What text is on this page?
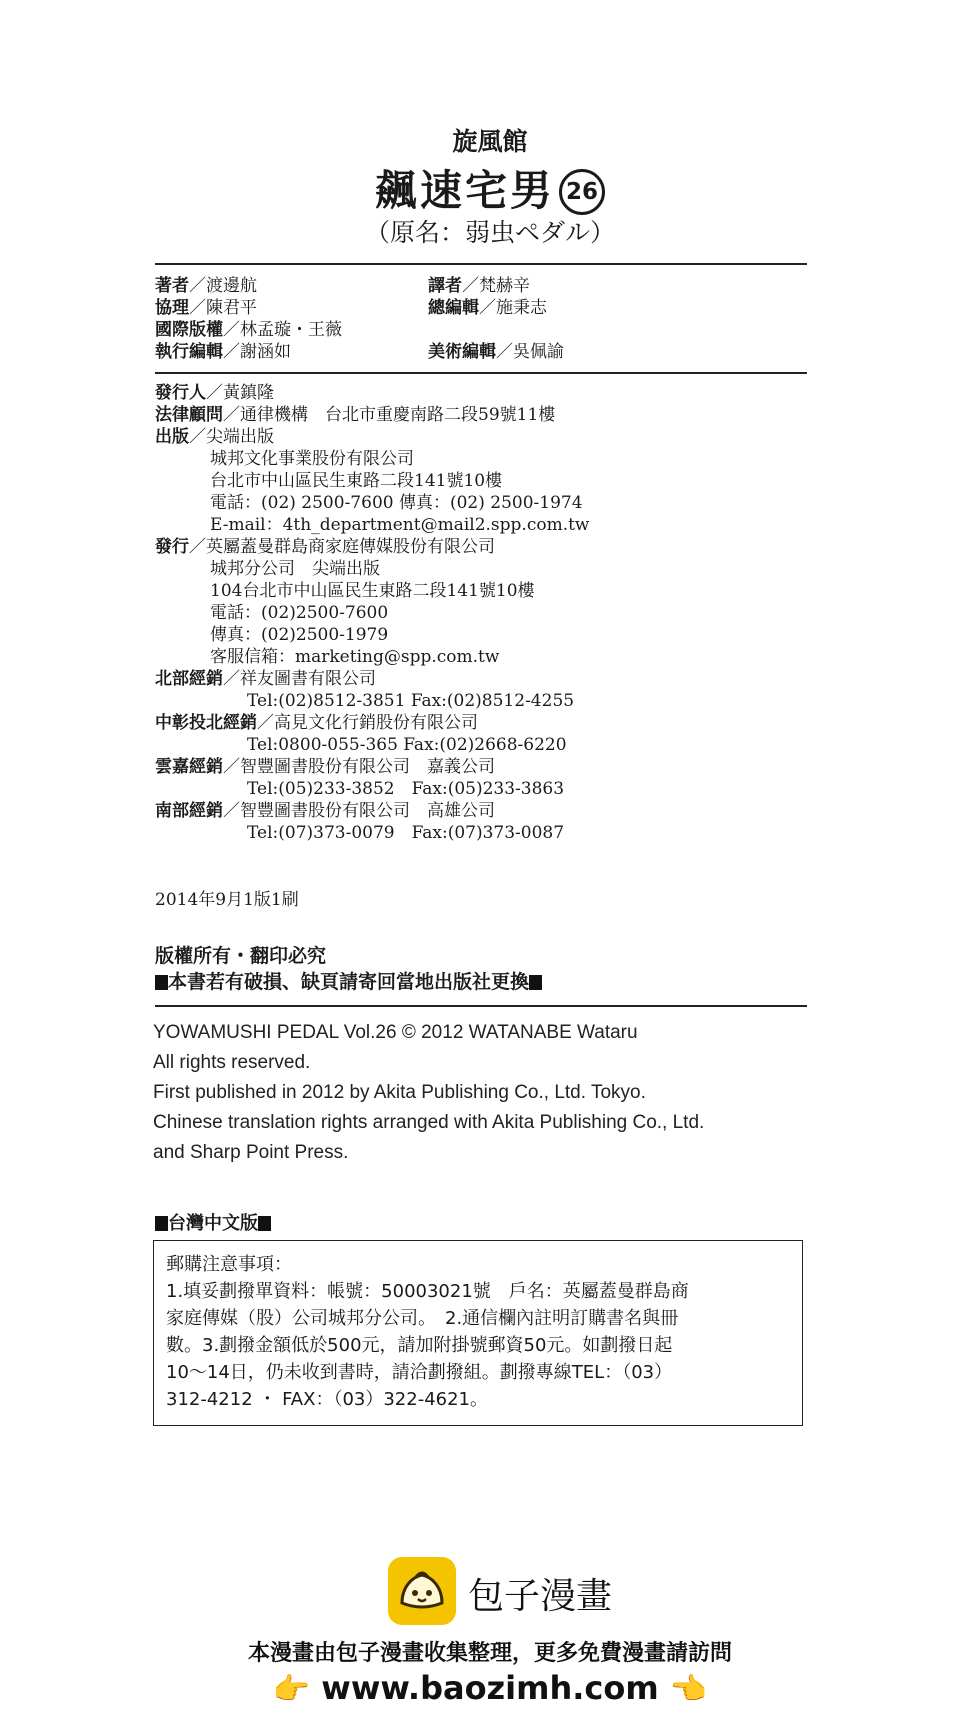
旋風館
飆速宅男 26
（原名：弱虫ペダル）
著者／渡邊航
協理／陳君平
國際版權／林孟璇・王薇
執行編輯／謝涵如
譯者／梵赫辛
總編輯／施秉志
美術編輯／吳佩諭
發行人／黃鎮隆
法律顧問／通律機構　台北市重慶南路二段59號11樓
出版／尖端出版
城邦文化事業股份有限公司
台北市中山區民生東路二段141號10樓
電話：(02) 2500-7600 傳真：(02) 2500-1974
E-mail：4th_department@mail2.spp.com.tw
發行／英屬蓋曼群島商家庭傳媒股份有限公司
城邦分公司　尖端出版
104台北市中山區民生東路二段141號10樓
電話：(02)2500-7600
傳真：(02)2500-1979
客服信箱：marketing@spp.com.tw
北部經銷／祥友圖書有限公司
Tel:(02)8512-3851 Fax:(02)8512-4255
中彰投北經銷／高見文化行銷股份有限公司
Tel:0800-055-365 Fax:(02)2668-6220
雲嘉經銷／智豐圖書股份有限公司　嘉義公司
Tel:(05)233-3852　Fax:(05)233-3863
南部經銷／智豐圖書股份有限公司　高雄公司
Tel:(07)373-0079　Fax:(07)373-0087
2014年9月1版1刷
版權所有・翻印必究
本書若有破損、缺頁請寄回當地出版社更換
YOWAMUSHI PEDAL Vol.26 © 2012 WATANABE Wataru
All rights reserved.
First published in 2012 by Akita Publishing Co., Ltd. Tokyo.
Chinese translation rights arranged with Akita Publishing Co., Ltd.
and Sharp Point Press.
台灣中文版
郵購注意事項：
1.填妥劃撥單資料：帳號：50003021號　戶名：英屬蓋曼群島商
家庭傳媒（股）公司城邦分公司。　2.通信欄內註明訂購書名與冊
數。3.劃撥金額低於500元，請加附掛號郵資50元。如劃撥日起
10～14日，仍未收到書時，請洽劃撥組。劃撥專線TEL：（03）
312-4212 ・ FAX：（03）322-4621。
包子漫畫
本漫畫由包子漫畫收集整理，更多免費漫畫請訪問
👉 www.baozimh.com 👈
